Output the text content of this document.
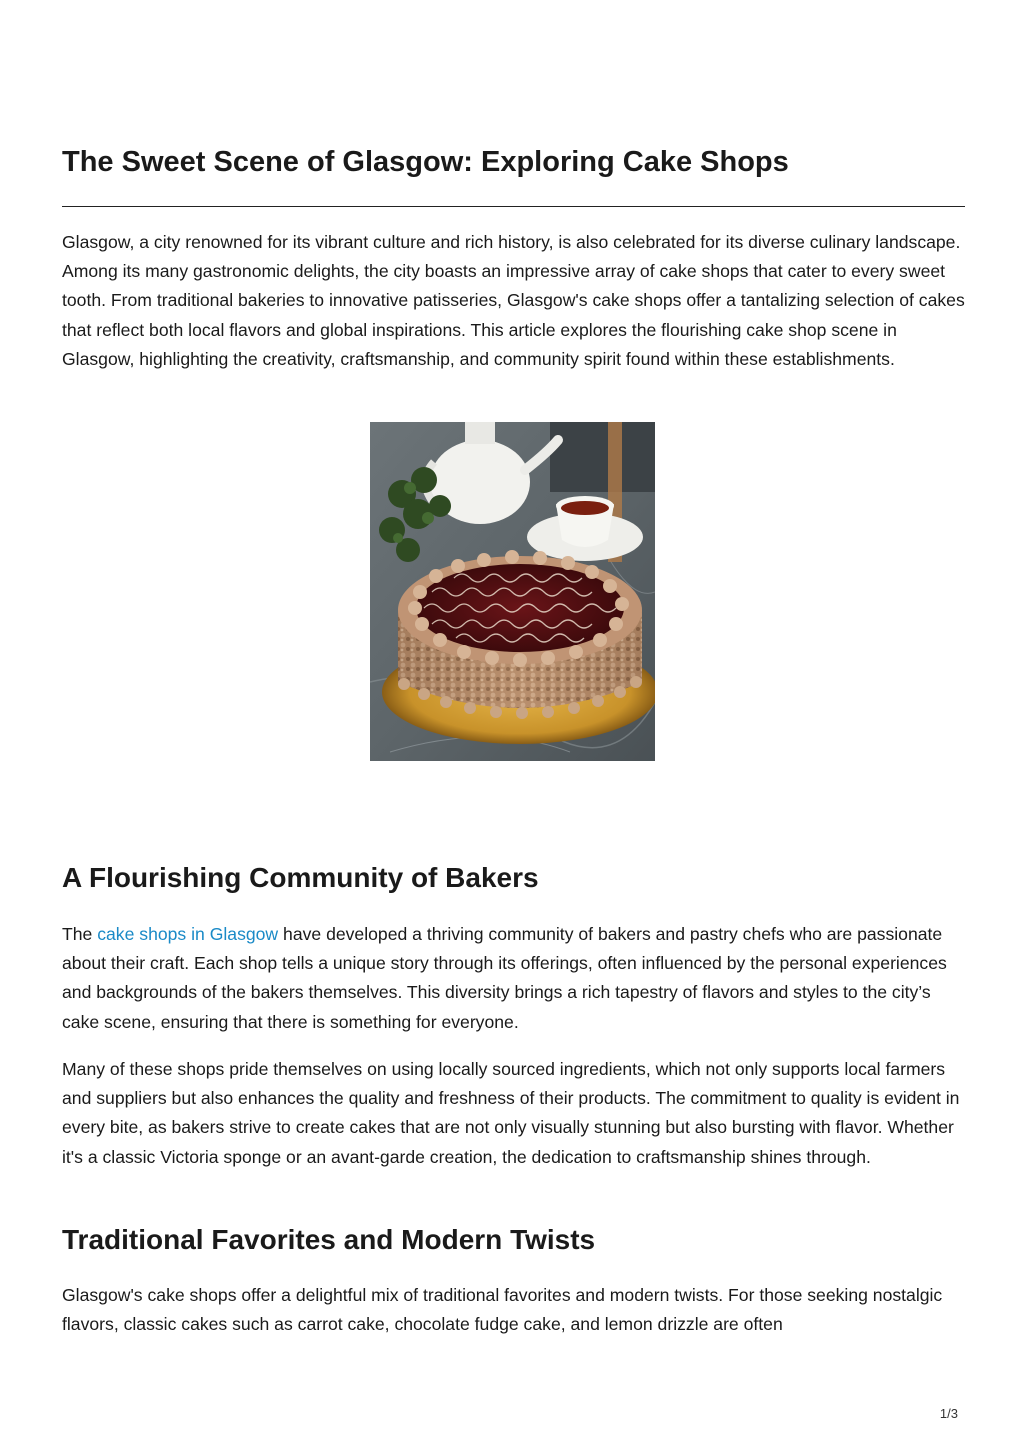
The Sweet Scene of Glasgow: Exploring Cake Shops

Glasgow, a city renowned for its vibrant culture and rich history, is also celebrated for its diverse culinary landscape. Among its many gastronomic delights, the city boasts an impressive array of cake shops that cater to every sweet tooth. From traditional bakeries to innovative patisseries, Glasgow's cake shops offer a tantalizing selection of cakes that reflect both local flavors and global inspirations. This article explores the flourishing cake shop scene in Glasgow, highlighting the creativity, craftsmanship, and community spirit found within these establishments.

A Flourishing Community of Bakers

The cake shops in Glasgow have developed a thriving community of bakers and pastry chefs who are passionate about their craft. Each shop tells a unique story through its offerings, often influenced by the personal experiences and backgrounds of the bakers themselves. This diversity brings a rich tapestry of flavors and styles to the city’s cake scene, ensuring that there is something for everyone.

Many of these shops pride themselves on using locally sourced ingredients, which not only supports local farmers and suppliers but also enhances the quality and freshness of their products. The commitment to quality is evident in every bite, as bakers strive to create cakes that are not only visually stunning but also bursting with flavor. Whether it's a classic Victoria sponge or an avant-garde creation, the dedication to craftsmanship shines through.

Traditional Favorites and Modern Twists

Glasgow's cake shops offer a delightful mix of traditional favorites and modern twists. For those seeking nostalgic flavors, classic cakes such as carrot cake, chocolate fudge cake, and lemon drizzle are often

1/3
